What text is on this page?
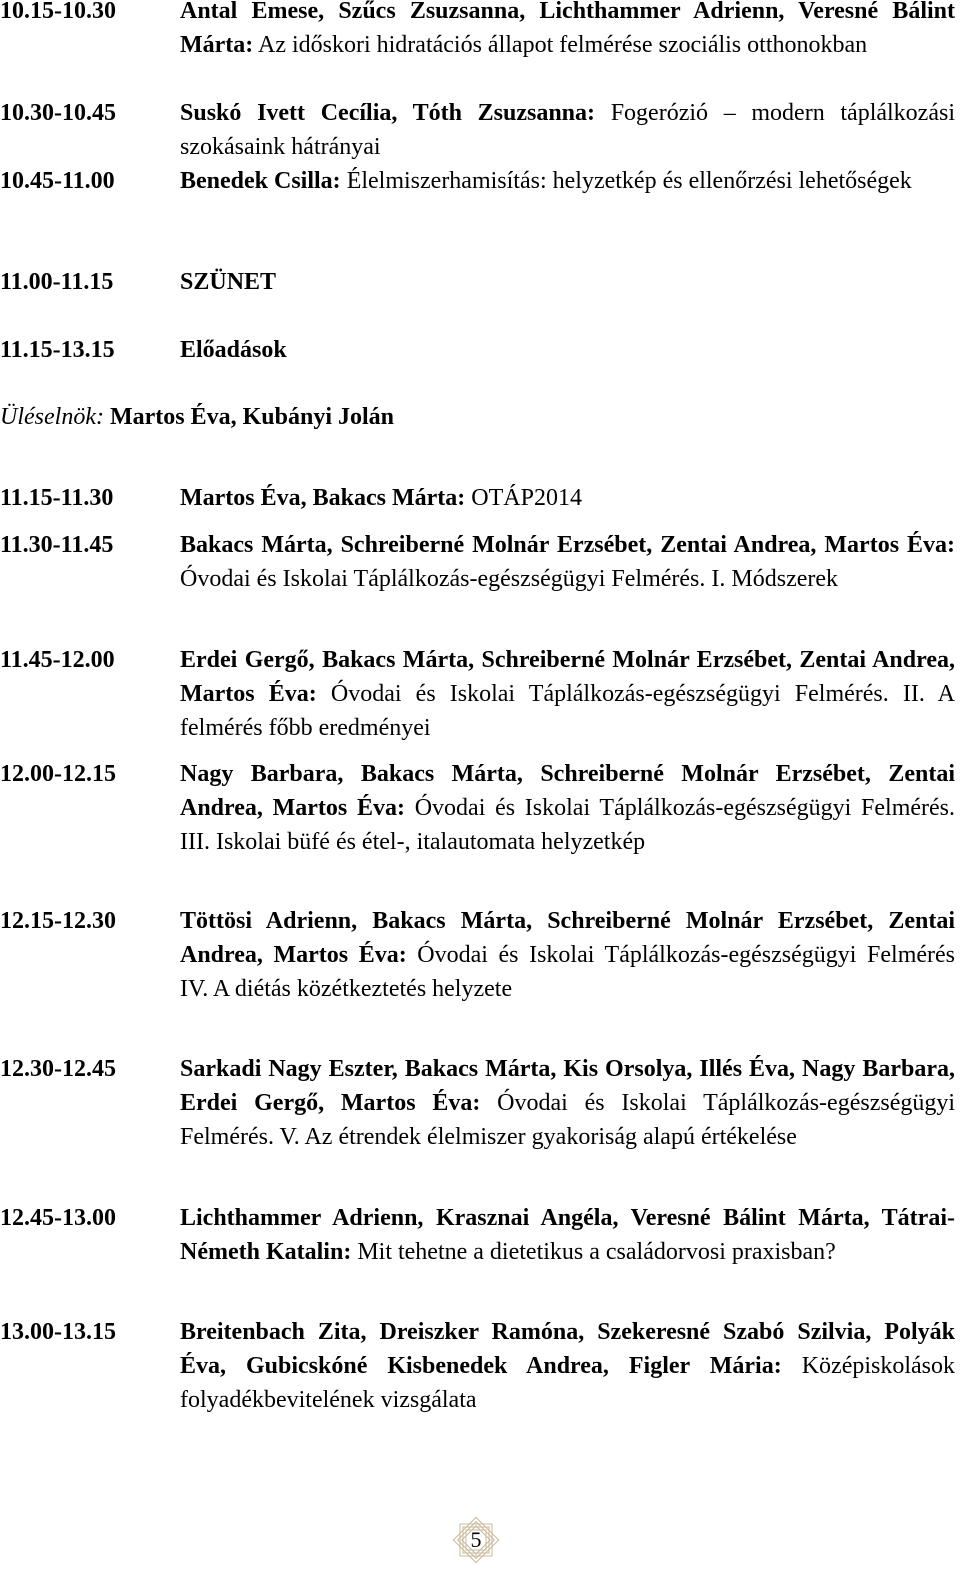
10.15-10.30	Antal Emese, Szűcs Zsuzsanna, Lichthammer Adrienn, Veresné Bálint Márta: Az időskori hidratációs állapot felmérése szociális otthonokban
10.30-10.45	Suskó Ivett Cecília, Tóth Zsuzsanna: Fogerózió – modern táplálkozási szokásaink hátrányai
10.45-11.00	Benedek Csilla: Élelmiszerhamisítás: helyzetkép és ellenőrzési lehetőségek
11.00-11.15	SZÜNET
11.15-13.15	Előadások
Üléselnök: Martos Éva, Kubányi Jolán
11.15-11.30	Martos Éva, Bakacs Márta: OTÁP2014
11.30-11.45	Bakacs Márta, Schreiberné Molnár Erzsébet, Zentai Andrea, Martos Éva: Óvodai és Iskolai Táplálkozás-egészségügyi Felmérés. I. Módszerek
11.45-12.00	Erdei Gergő, Bakacs Márta, Schreiberné Molnár Erzsébet, Zentai Andrea, Martos Éva: Óvodai és Iskolai Táplálkozás-egészségügyi Felmérés. II. A felmérés főbb eredményei
12.00-12.15	Nagy Barbara, Bakacs Márta, Schreiberné Molnár Erzsébet, Zentai Andrea, Martos Éva: Óvodai és Iskolai Táplálkozás-egészségügyi Felmérés. III. Iskolai büfé és étel-, italautomata helyzetkép
12.15-12.30	Töttösi Adrienn, Bakacs Márta, Schreiberné Molnár Erzsébet, Zentai Andrea, Martos Éva: Óvodai és Iskolai Táplálkozás-egészségügyi Felmérés IV. A diétás közétkeztetés helyzete
12.30-12.45	Sarkadi Nagy Eszter, Bakacs Márta, Kis Orsolya, Illés Éva, Nagy Barbara, Erdei Gergő, Martos Éva: Óvodai és Iskolai Táplálkozás-egészségügyi Felmérés. V. Az étrendek élelmiszer gyakoriság alapú értékelése
12.45-13.00	Lichthammer Adrienn, Krasznai Angéla, Veresné Bálint Márta, Tátrai-Németh Katalin: Mit tehetne a dietetikus a családorvosi praxisban?
13.00-13.15	Breitenbach Zita, Dreiszker Ramóna, Szekeresné Szabó Szilvia, Polyák Éva, Gubicskóné Kisbenedek Andrea, Figler Mária: Középiskolások folyadékbevitelének vizsgálata
5
